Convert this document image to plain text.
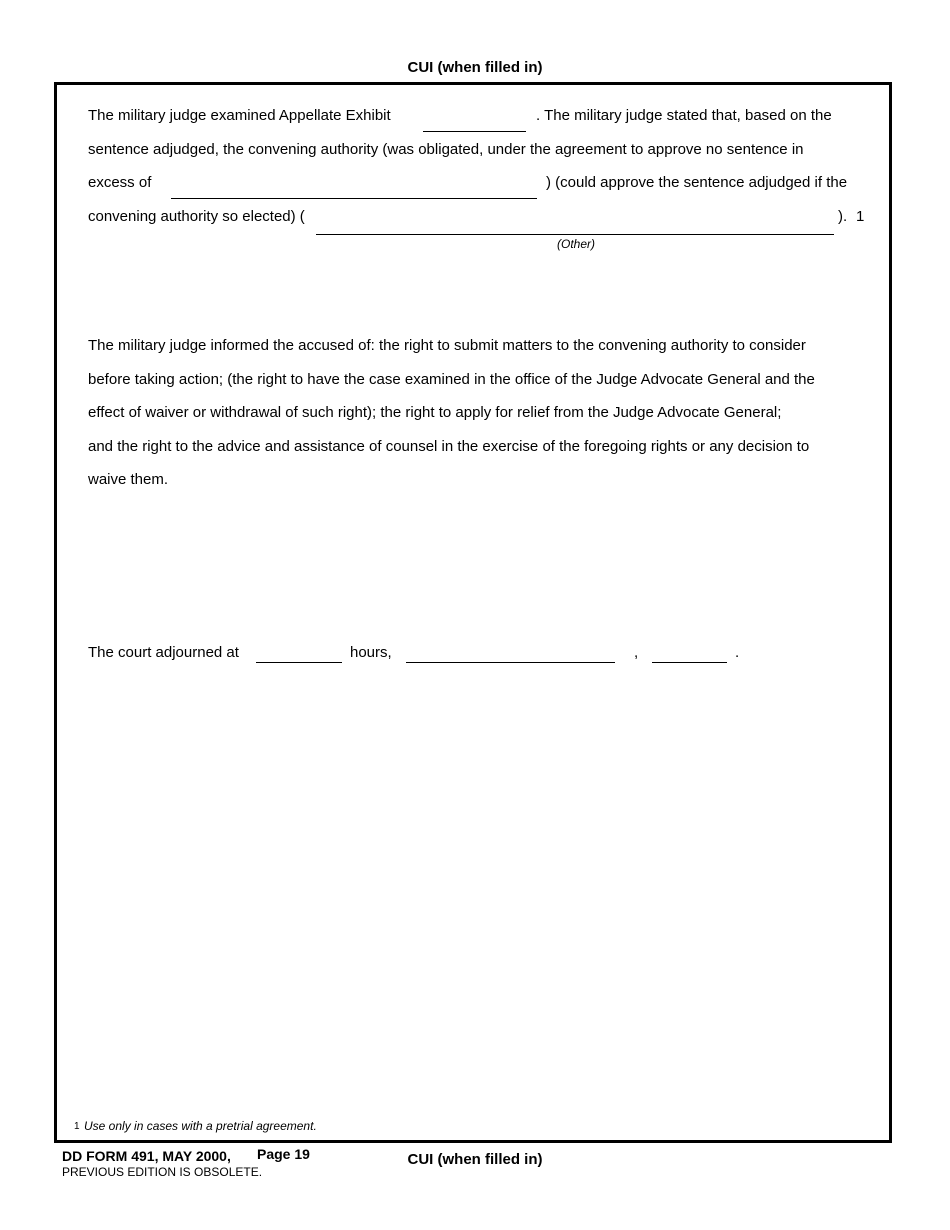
CUI (when filled in)
The military judge examined Appellate Exhibit	. The military judge stated that, based on the
sentence adjudged, the convening authority (was obligated, under the agreement to approve no sentence in
excess of	) (could approve the sentence adjudged if the
convening authority so elected) (	). 1
(Other)
The military judge informed the accused of: the right to submit matters to the convening authority to consider
before taking action; (the right to have the case examined in the office of the Judge Advocate General and the
effect of waiver or withdrawal of such right); the right to apply for relief from the Judge Advocate General;
and the right to the advice and assistance of counsel in the exercise of the foregoing rights or any decision to
waive them.
The court adjourned at	hours,	,	.
1 Use only in cases with a pretrial agreement.
DD FORM 491, MAY 2000, Page 19
PREVIOUS EDITION IS OBSOLETE.
CUI (when filled in)
